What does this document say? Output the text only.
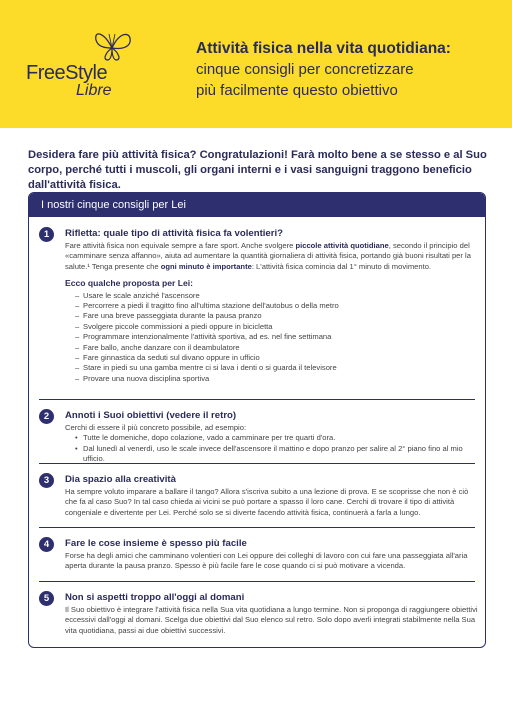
FreeStyle
Libre
Attività fisica nella vita quotidiana:
cinque consigli per concretizzare
più facilmente questo obiettivo
Desidera fare più attività fisica? Congratulazioni! Farà molto bene a se stesso e al Suo corpo, perché tutti i muscoli, gli organi interni e i vasi sanguigni traggono beneficio dall'attività fisica.
I nostri cinque consigli per Lei
1	Rifletta: quale tipo di attività fisica fa volentieri?
Fare attività fisica non equivale sempre a fare sport. Anche svolgere piccole attività quotidiane, secondo il principio del «camminare senza affanno», aiuta ad aumentare la quantità giornaliera di attività fisica, portando già buoni risultati per la salute.¹ Tenga presente che ogni minuto è importante: L'attività fisica comincia dal 1° minuto di movimento.
Ecco qualche proposta per Lei:
– Usare le scale anziché l'ascensore
– Percorrere a piedi il tragitto fino all'ultima stazione dell'autobus o della metro
– Fare una breve passeggiata durante la pausa pranzo
– Svolgere piccole commissioni a piedi oppure in bicicletta
– Programmare intenzionalmente l'attività sportiva, ad es. nel fine settimana
– Fare ballo, anche danzare con il deambulatore
– Fare ginnastica da seduti sul divano oppure in ufficio
– Stare in piedi su una gamba mentre ci si lava i denti o si guarda il televisore
– Provare una nuova disciplina sportiva
2	Annoti i Suoi obiettivi (vedere il retro)
Cerchi di essere il più concreto possibile, ad esempio:
• Tutte le domeniche, dopo colazione, vado a camminare per tre quarti d'ora.
• Dal lunedì al venerdì, uso le scale invece dell'ascensore il mattino e dopo pranzo per salire al 2° piano fino al mio ufficio.
3	Dia spazio alla creatività
Ha sempre voluto imparare a ballare il tango? Allora s'iscriva subito a una lezione di prova. E se scoprisse che non è ciò che fa al caso Suo? In tal caso chieda ai vicini se può portare a spasso il loro cane. Cerchi di trovare il tipo di attività congeniale e divertente per Lei. Perché solo se si diverte facendo attività fisica, continuerà a farla a lungo.
4	Fare le cose insieme è spesso più facile
Forse ha degli amici che camminano volentieri con Lei oppure dei colleghi di lavoro con cui fare una passeggiata all'aria aperta durante la pausa pranzo. Spesso è più facile fare le cose quando ci si può motivare a vicenda.
5	Non si aspetti troppo all'oggi al domani
Il Suo obiettivo è integrare l'attività fisica nella Sua vita quotidiana a lungo termine. Non si proponga di raggiungere obiettivi eccessivi dall'oggi al domani. Scelga due obiettivi dal Suo elenco sul retro. Solo dopo averli integrati stabilmente nella Sua vita quotidiana, passi ai due obiettivi successivi.
